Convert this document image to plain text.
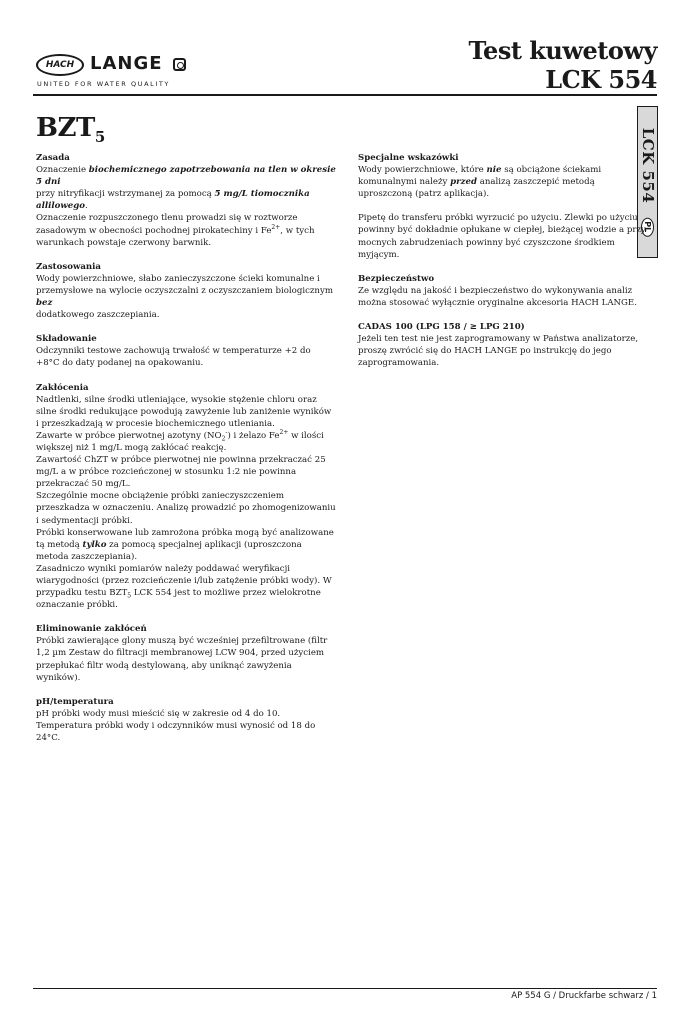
HACH LANGE
UNITED FOR WATER QUALITY
Test kuwetowy
LCK 554
$BZT_5$	LCK 554
PL
Zasada

Oznaczenie biochemicznego zapotrzebowania na tlen w okresie 5 dni
przy nitryfikacji wstrzymanej za pomocą 5 mg/L tiomocznika allilowego.
Oznaczenie rozpuszczonego tlenu prowadzi się w roztworze zasadowym w obecności pochodnej pirokatechiny i $Fe^{2+}$, w tych warunkach powstaje czerwony barwnik.

Zastosowania

Wody powierzchniowe, słabo zanieczyszczone ścieki komunalne i przemysłowe na wylocie oczyszczalni z oczyszczaniem biologicznym bez
dodatkowego zaszczepiania.

Składowanie

Odczynniki testowe zachowują trwałość w temperaturze +2 do +8°C do daty podanej na opakowaniu.

Zakłócenia

Nadtlenki, silne środki utleniające, wysokie stężenie chloru oraz silne środki redukujące powodują zawyżenie lub zaniżenie wyników i przeszkadzają w procesie biochemicznego utleniania.

Zawarte w próbce pierwotnej azotyny $(NO_2^-)$ i żelazo $Fe^{2+}$ w ilości większej niż 1 mg/L mogą zakłócać reakcję.

Zawartość ChZT w próbce pierwotnej nie powinna przekraczać 25 mg/L a w próbce rozcieńczonej w stosunku 1:2 nie powinna przekraczać 50 mg/L.

Szczególnie mocne obciążenie próbki zanieczyszczeniem przeszkadza w oznaczeniu. Analizę prowadzić po zhomogenizowaniu i sedymentacji próbki.

Próbki konserwowane lub zamrożona próbka mogą być analizowane tą metodą tylko za pomocą specjalnej aplikacji (uproszczona metoda zaszczepiania).

Zasadniczo wyniki pomiarów należy poddawać weryfikacji wiarygodności (przez rozcieńczenie i/lub zatężenie próbki wody). W przypadku testu $BZT_5$ LCK 554 jest to możliwe przez wielokrotne oznaczanie próbki.

Eliminowanie zakłóceń

Próbki zawierające glony muszą być wcześniej przefiltrowane (filtr 1,2 µm Zestaw do filtracji membranowej LCW 904, przed użyciem przepłukać filtr wodą destylowaną, aby uniknąć zawyżenia wyników).

pH/temperatura

pH próbki wody musi mieścić się w zakresie od 4 do 10. Temperatura próbki wody i odczynników musi wynosić od 18 do 24°C.

Specjalne wskazówki

Wody powierzchniowe, które nie są obciążone ściekami komunalnymi należy przed analizą zaszczepić metodą uproszczoną (patrz aplikacja).

Pipetę do transferu próbki wyrzucić po użyciu. Zlewki po użyciu powinny być dokładnie opłukane w ciepłej, bieżącej wodzie a przy mocnych zabrudzeniach powinny być czyszczone środkiem myjącym.

Bezpieczeństwo

Ze względu na jakość i bezpieczeństwo do wykonywania analiz można stosować wyłącznie oryginalne akcesoria HACH LANGE.

CADAS 100 (LPG 158 / ≥ LPG 210)

Jeżeli ten test nie jest zaprogramowany w Państwa analizatorze, proszę zwrócić się do HACH LANGE po instrukcję do jego zaprogramowania.

AP 554 G / Druckfarbe schwarz / 1
